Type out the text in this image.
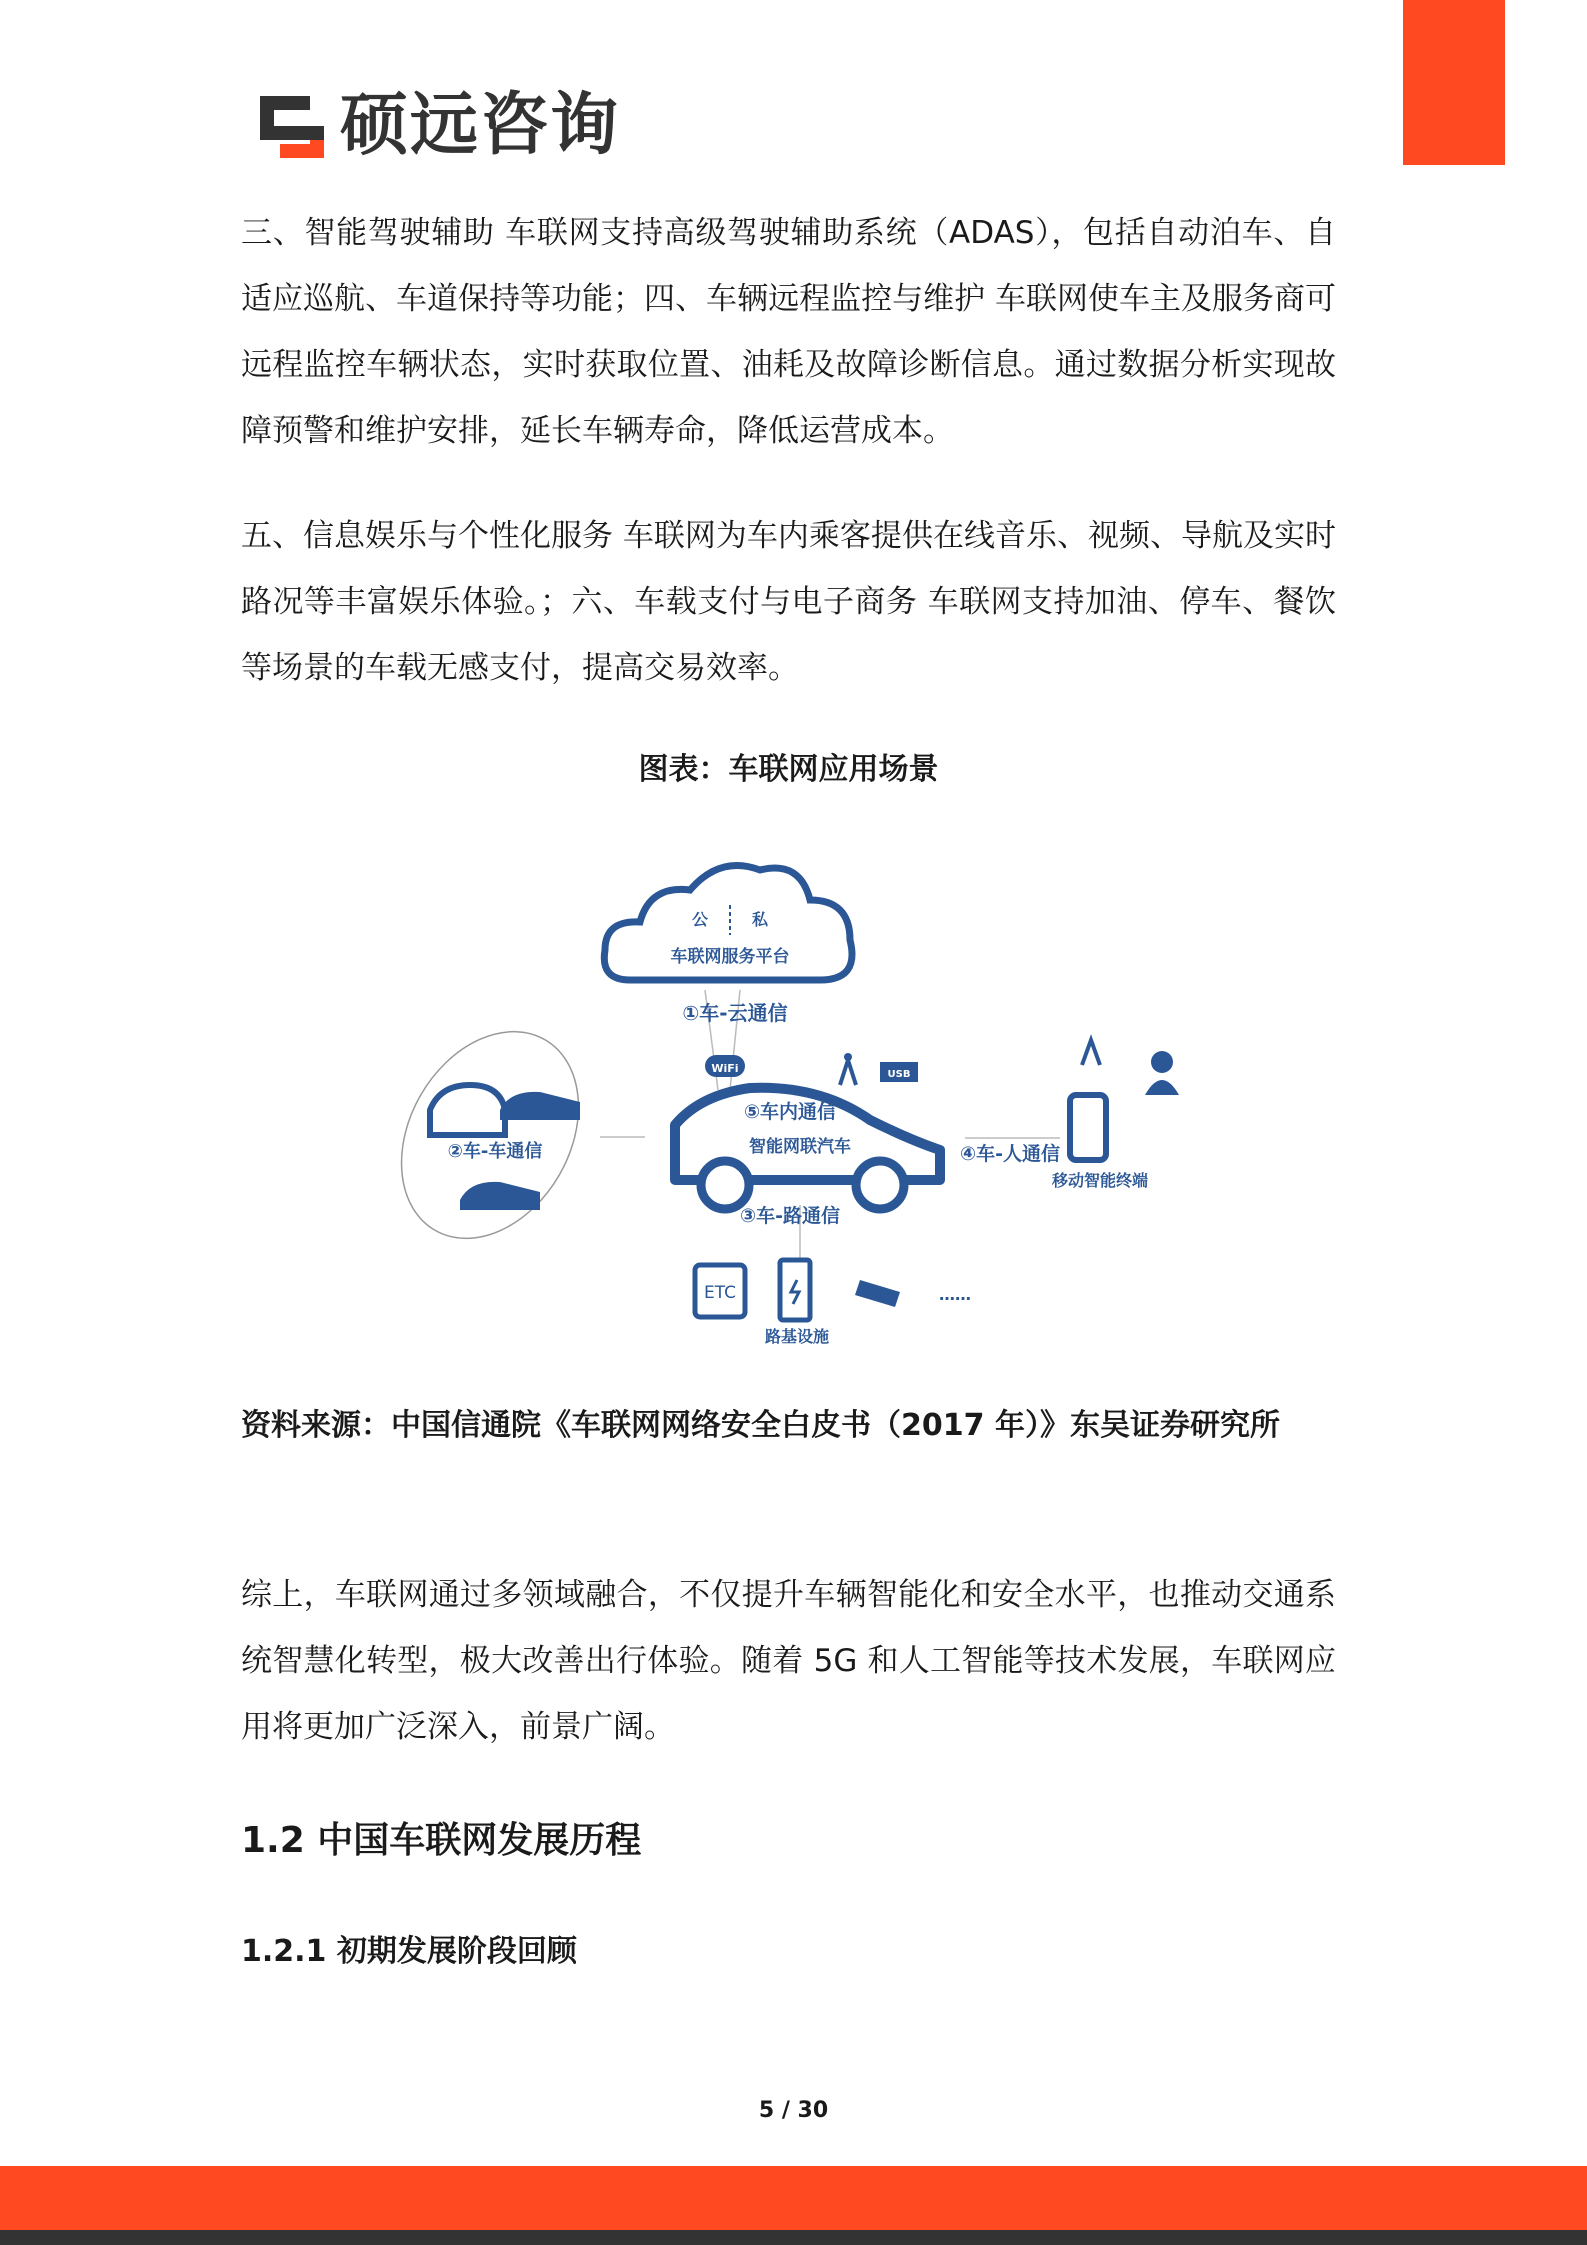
硕远咨询

三、智能驾驶辅助 车联网支持高级驾驶辅助系统（ADAS），包括自动泊车、自适应巡航、车道保持等功能；四、车辆远程监控与维护 车联网使车主及服务商可远程监控车辆状态，实时获取位置、油耗及故障诊断信息。通过数据分析实现故障预警和维护安排，延长车辆寿命，降低运营成本。

五、信息娱乐与个性化服务 车联网为车内乘客提供在线音乐、视频、导航及实时路况等丰富娱乐体验。；六、车载支付与电子商务 车联网支持加油、停车、餐饮等场景的车载无感支付，提高交易效率。

图表：车联网应用场景
公	私
车联网服务平台
①车-云通信
WiFi	USB
⑤车内通信
智能网联汽车
②车-车通信	④车-人通信
移动智能终端
③车-路通信
ETC	……
路基设施

资料来源：中国信通院《车联网网络安全白皮书（2017 年）》东吴证券研究所

综上，车联网通过多领域融合，不仅提升车辆智能化和安全水平，也推动交通系统智慧化转型，极大改善出行体验。随着 5G 和人工智能等技术发展，车联网应用将更加广泛深入，前景广阔。

1.2 中国车联网发展历程
1.2.1 初期发展阶段回顾
5 / 30
